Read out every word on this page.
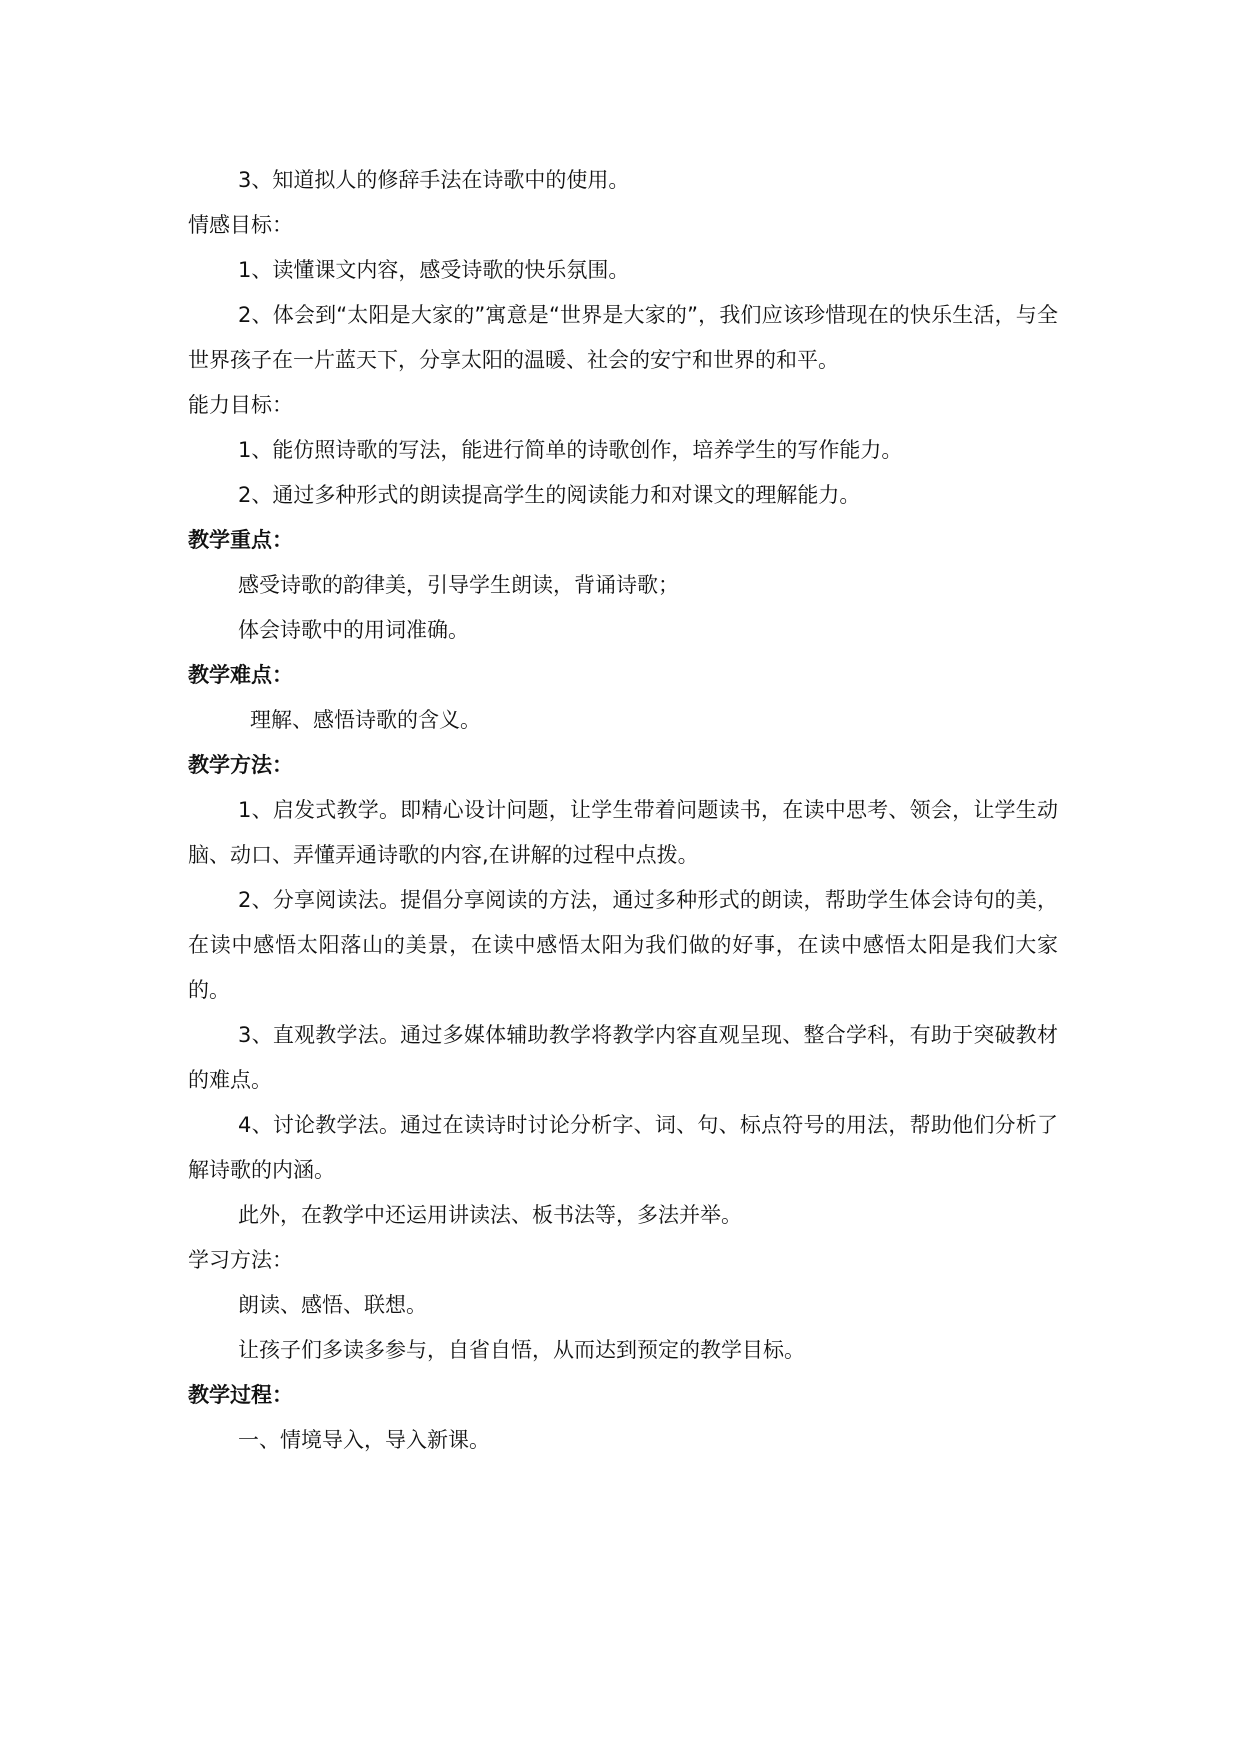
3、知道拟人的修辞手法在诗歌中的使用。

情感目标：

1、读懂课文内容，感受诗歌的快乐氛围。

2、体会到“太阳是大家的”寓意是“世界是大家的”，我们应该珍惜现在的快乐生活，与全世界孩子在一片蓝天下，分享太阳的温暖、社会的安宁和世界的和平。

能力目标：

1、能仿照诗歌的写法，能进行简单的诗歌创作，培养学生的写作能力。

2、通过多种形式的朗读提高学生的阅读能力和对课文的理解能力。

教学重点：

感受诗歌的韵律美，引导学生朗读，背诵诗歌；

体会诗歌中的用词准确。

教学难点：

理解、感悟诗歌的含义。

教学方法：

1、启发式教学。即精心设计问题，让学生带着问题读书，在读中思考、领会，让学生动脑、动口、弄懂弄通诗歌的内容,在讲解的过程中点拨。

2、分享阅读法。提倡分享阅读的方法，通过多种形式的朗读，帮助学生体会诗句的美，在读中感悟太阳落山的美景，在读中感悟太阳为我们做的好事，在读中感悟太阳是我们大家的。

3、直观教学法。通过多媒体辅助教学将教学内容直观呈现、整合学科，有助于突破教材的难点。

4、讨论教学法。通过在读诗时讨论分析字、词、句、标点符号的用法，帮助他们分析了解诗歌的内涵。

此外，在教学中还运用讲读法、板书法等，多法并举。

学习方法：

朗读、感悟、联想。

让孩子们多读多参与，自省自悟，从而达到预定的教学目标。

教学过程：

一、情境导入，导入新课。
